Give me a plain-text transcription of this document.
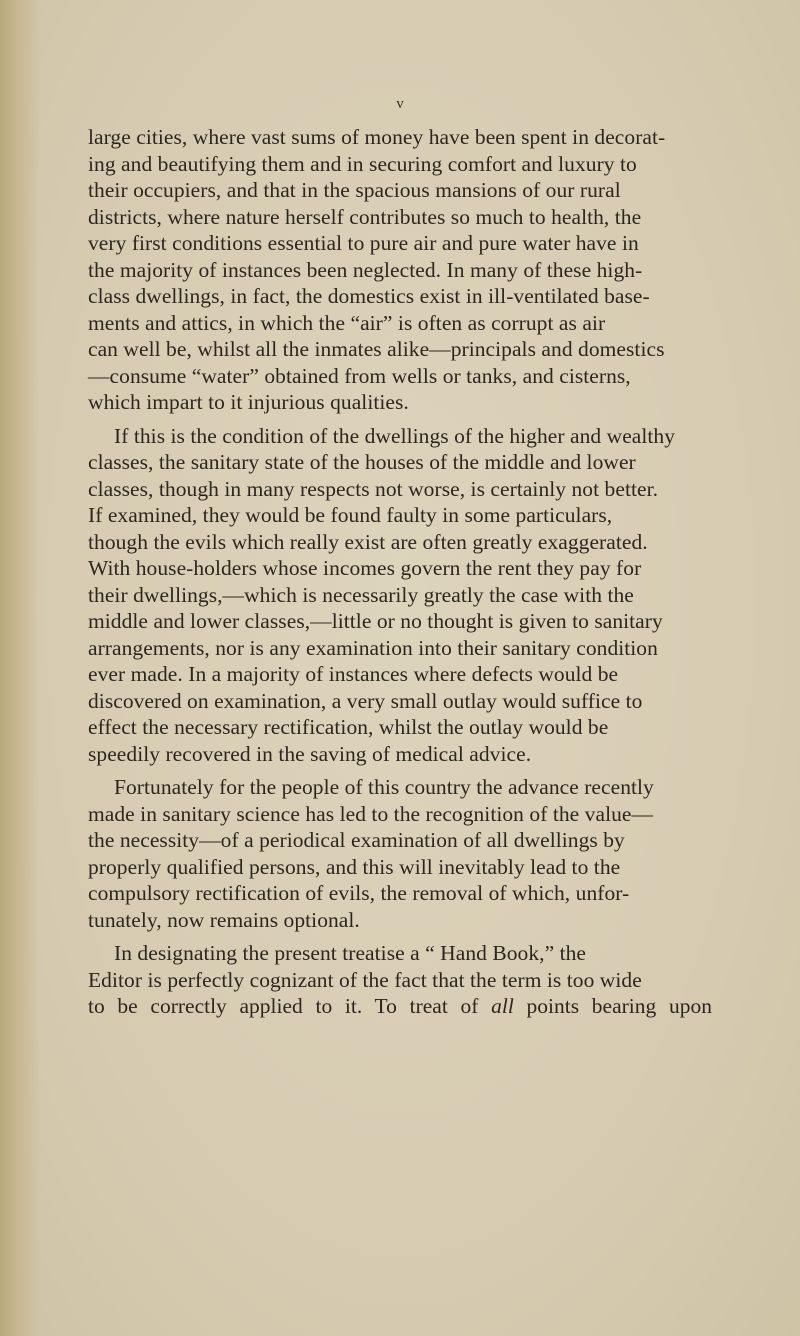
v

large cities, where vast sums of money have been spent in decorat-
ing and beautifying them and in securing comfort and luxury to
their occupiers, and that in the spacious mansions of our rural
districts, where nature herself contributes so much to health, the
very first conditions essential to pure air and pure water have in
the majority of instances been neglected. In many of these high-
class dwellings, in fact, the domestics exist in ill-ventilated base-
ments and attics, in which the “air” is often as corrupt as air
can well be, whilst all the inmates alike—principals and domestics
—consume “water” obtained from wells or tanks, and cisterns,
which impart to it injurious qualities.

If this is the condition of the dwellings of the higher and wealthy
classes, the sanitary state of the houses of the middle and lower
classes, though in many respects not worse, is certainly not better.
If examined, they would be found faulty in some particulars,
though the evils which really exist are often greatly exaggerated.
With house-holders whose incomes govern the rent they pay for
their dwellings,—which is necessarily greatly the case with the
middle and lower classes,—little or no thought is given to sanitary
arrangements, nor is any examination into their sanitary condition
ever made. In a majority of instances where defects would be
discovered on examination, a very small outlay would suffice to
effect the necessary rectification, whilst the outlay would be
speedily recovered in the saving of medical advice.

Fortunately for the people of this country the advance recently
made in sanitary science has led to the recognition of the value—
the necessity—of a periodical examination of all dwellings by
properly qualified persons, and this will inevitably lead to the
compulsory rectification of evils, the removal of which, unfor-
tunately, now remains optional.

In designating the present treatise a “ Hand Book,” the
Editor is perfectly cognizant of the fact that the term is too wide

to be correctly applied to it. To treat of all points bearing upon
